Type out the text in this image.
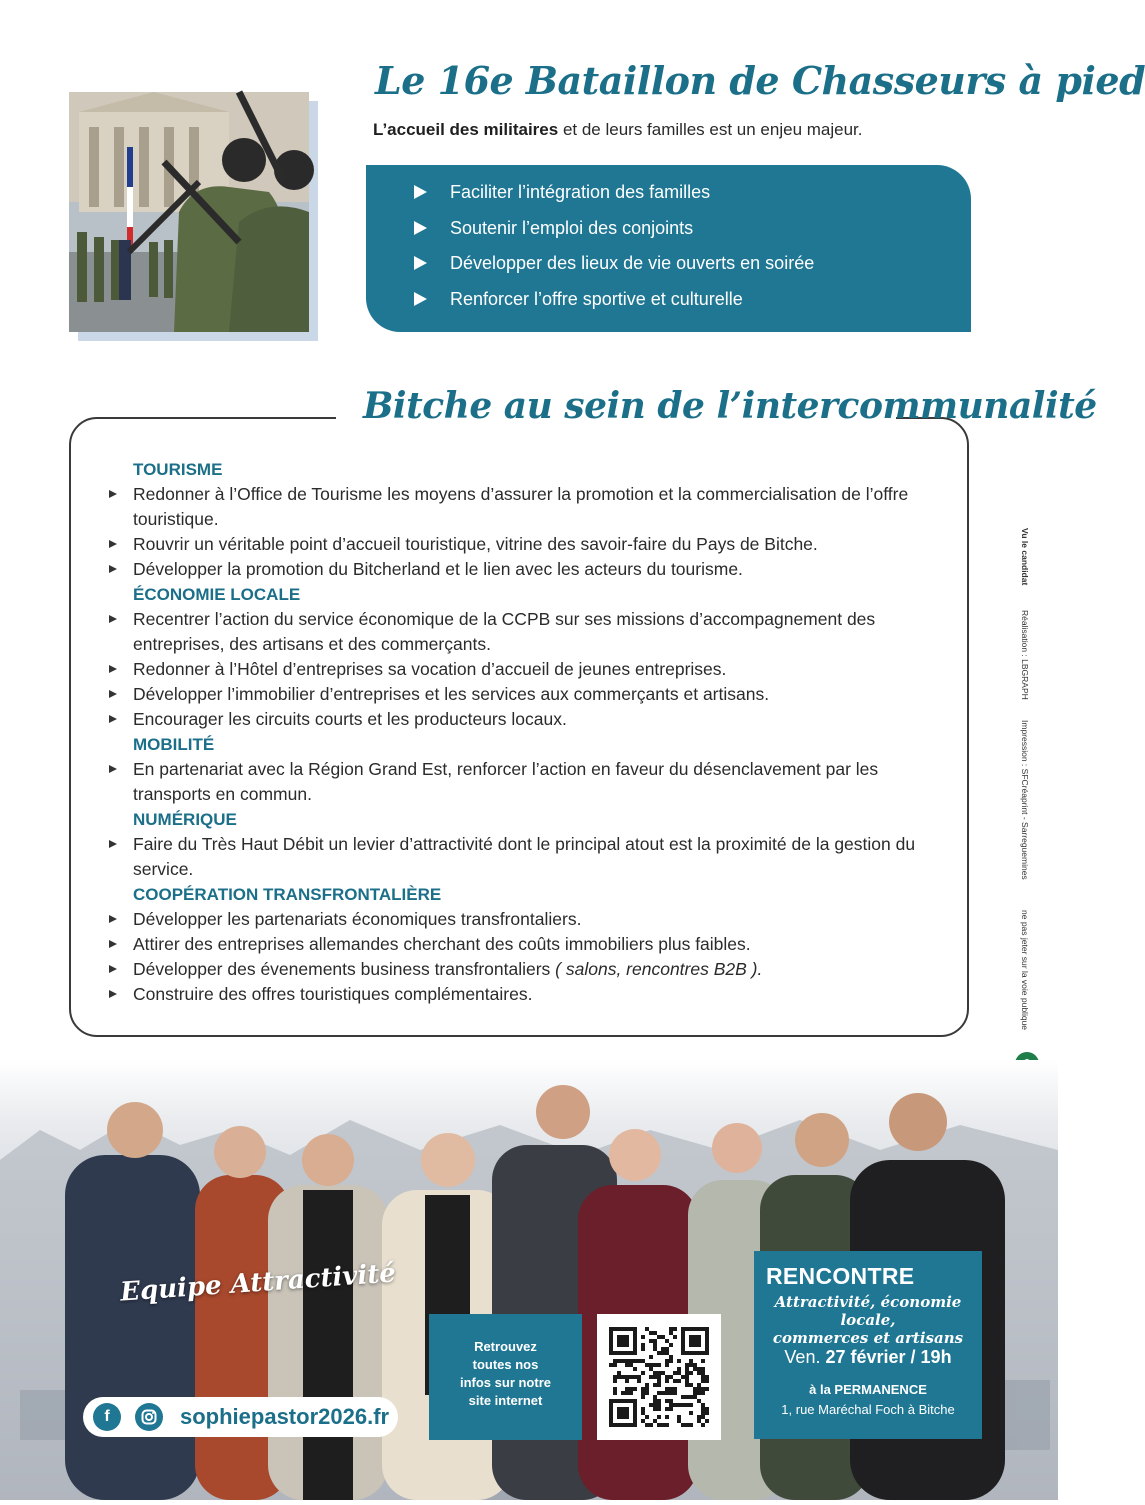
Le 16e Bataillon de Chasseurs à pied
L’accueil des militaires et de leurs familles est un enjeu majeur.
Faciliter l’intégration des familles
Soutenir l’emploi des conjoints
Développer des lieux de vie ouverts en soirée
Renforcer l’offre sportive et culturelle
Bitche au sein de l’intercommunalité
TOURISME
Redonner à l’Office de Tourisme les moyens d’assurer la promotion et la commercialisation de l’offre touristique.
Rouvrir un véritable point d’accueil touristique, vitrine des savoir-faire du Pays de Bitche.
Développer la promotion du Bitcherland et le lien avec les acteurs du tourisme.
ÉCONOMIE LOCALE
Recentrer l’action du service économique de la CCPB sur ses missions d’accompagnement des entreprises, des artisans et des commerçants.
Redonner à l’Hôtel d’entreprises sa vocation d’accueil de jeunes entreprises.
Développer l’immobilier d’entreprises et les services aux commerçants et artisans.
Encourager les circuits courts et les producteurs locaux.
MOBILITÉ
En partenariat avec la Région Grand Est, renforcer l’action en faveur du désenclavement par les transports en commun.
NUMÉRIQUE
Faire du Très Haut Débit un levier d’attractivité dont le principal atout est la proximité de la gestion du service.
COOPÉRATION TRANSFRONTALIÈRE
Développer les partenariats économiques transfrontaliers.
Attirer des entreprises allemandes cherchant des coûts immobiliers plus faibles.
Développer des évenements business transfrontaliers ( salons, rencontres B2B ).
Construire des offres touristiques complémentaires.
Vu le candidat
Réalisation : LBGRAPH
Impression : SFCréaprint - Sarreguemines
ne pas jeter sur la voie publique
Equipe Attractivité
f	sophiepastor2026.fr
Retrouvez toutes nos infos sur notre site internet
RENCONTRE
Attractivité, économie locale,
commerces et artisans
Ven. 27 février / 19h
à la PERMANENCE
1, rue Maréchal Foch à Bitche
